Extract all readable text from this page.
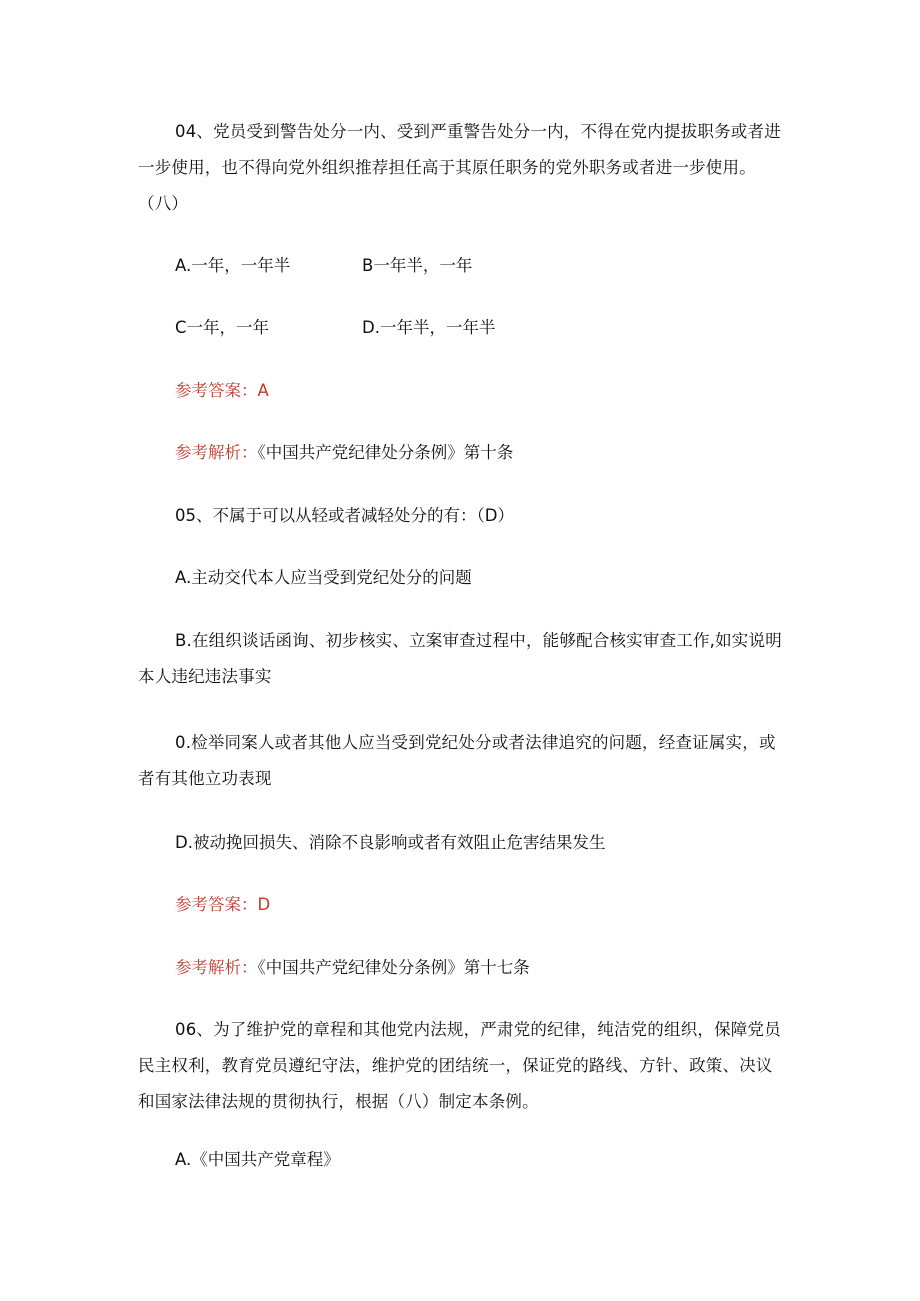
04、党员受到警告处分一内、受到严重警告处分一内，不得在党内提拔职务或者进一步使用，也不得向党外组织推荐担任高于其原任职务的党外职务或者进一步使用。（八）

A.一年，一年半	B一年半，一年

C一年，一年	D.一年半，一年半

参考答案：A

参考解析：《中国共产党纪律处分条例》第十条

05、不属于可以从轻或者减轻处分的有：（D）

A.主动交代本人应当受到党纪处分的问题

B.在组织谈话函询、初步核实、立案审查过程中，能够配合核实审查工作,如实说明本人违纪违法事实

0.检举同案人或者其他人应当受到党纪处分或者法律追究的问题，经查证属实，或者有其他立功表现

D.被动挽回损失、消除不良影响或者有效阻止危害结果发生

参考答案：D

参考解析：《中国共产党纪律处分条例》第十七条

06、为了维护党的章程和其他党内法规，严肃党的纪律，纯洁党的组织，保障党员民主权利，教育党员遵纪守法，维护党的团结统一，保证党的路线、方针、政策、决议和国家法律法规的贯彻执行，根据（八）制定本条例。

A.《中国共产党章程》
